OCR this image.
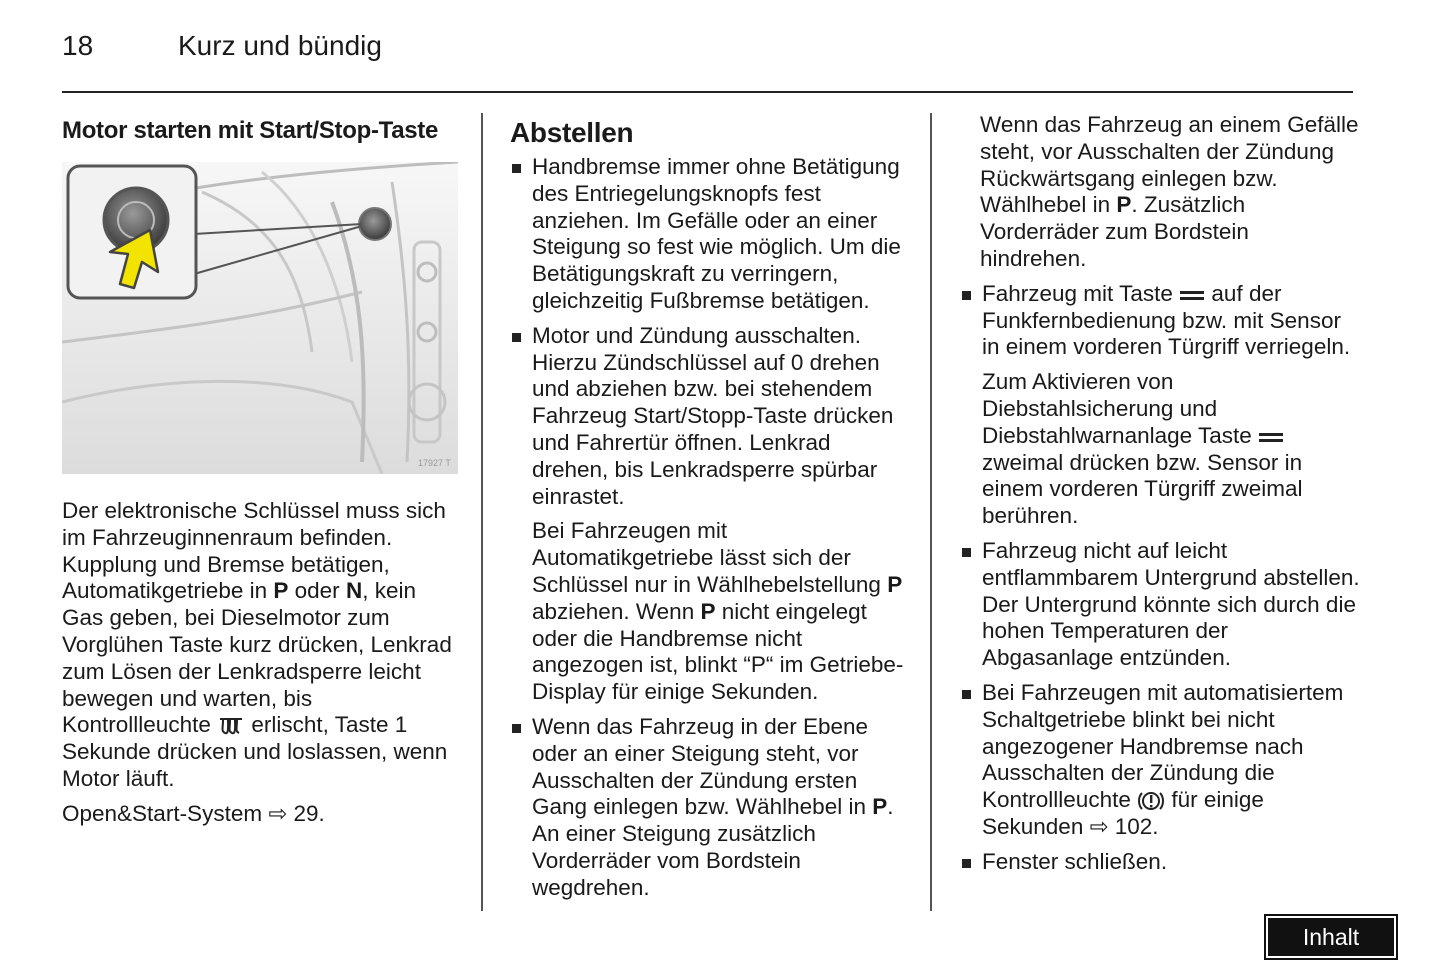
18	Kurz und bündig
Motor starten mit Start/Stop-Taste
17927 T

Der elektronische Schlüssel muss sich im Fahrzeuginnenraum befinden. Kupplung und Bremse betätigen, Automatikgetriebe in P oder N, kein Gas geben, bei Dieselmotor zum Vorglühen Taste kurz drücken, Lenkrad zum Lösen der Lenkradsperre leicht bewegen und warten, bis Kontrollleuchte  erlischt, Taste 1 Sekunde drücken und loslassen, wenn Motor läuft.

Open&Start-System ⇨ 29.

Abstellen
Handbremse immer ohne Betätigung des Entriegelungsknopfs fest anziehen. Im Gefälle oder an einer Steigung so fest wie möglich. Um die Betätigungskraft zu verringern, gleichzeitig Fußbremse betätigen.
Motor und Zündung ausschalten. Hierzu Zündschlüssel auf 0 drehen und abziehen bzw. bei stehendem Fahrzeug Start/Stopp-Taste drücken und Fahrertür öffnen. Lenkrad drehen, bis Lenkradsperre spürbar einrastet.

Bei Fahrzeugen mit Automatikgetriebe lässt sich der Schlüssel nur in Wählhebelstellung P abziehen. Wenn P nicht eingelegt oder die Handbremse nicht angezogen ist, blinkt “P“ im Getriebe-Display für einige Sekunden.

Wenn das Fahrzeug in der Ebene oder an einer Steigung steht, vor Ausschalten der Zündung ersten Gang einlegen bzw. Wählhebel in P. An einer Steigung zusätzlich Vorderräder vom Bordstein wegdrehen.

Wenn das Fahrzeug an einem Gefälle steht, vor Ausschalten der Zündung Rückwärtsgang einlegen bzw. Wählhebel in P. Zusätzlich Vorderräder zum Bordstein hindrehen.

Fahrzeug mit Taste  auf der Funkfernbedienung bzw. mit Sensor in einem vorderen Türgriff verriegeln.

Zum Aktivieren von Diebstahlsicherung und Diebstahlwarnanlage Taste  zweimal drücken bzw. Sensor in einem vorderen Türgriff zweimal berühren.

Fahrzeug nicht auf leicht entflammbarem Untergrund abstellen. Der Untergrund könnte sich durch die hohen Temperaturen der Abgasanlage entzünden.
Bei Fahrzeugen mit automatisiertem Schaltgetriebe blinkt bei nicht angezogener Handbremse nach Ausschalten der Zündung die Kontrollleuchte  für einige Sekunden ⇨ 102.
Fenster schließen.
Inhalt
